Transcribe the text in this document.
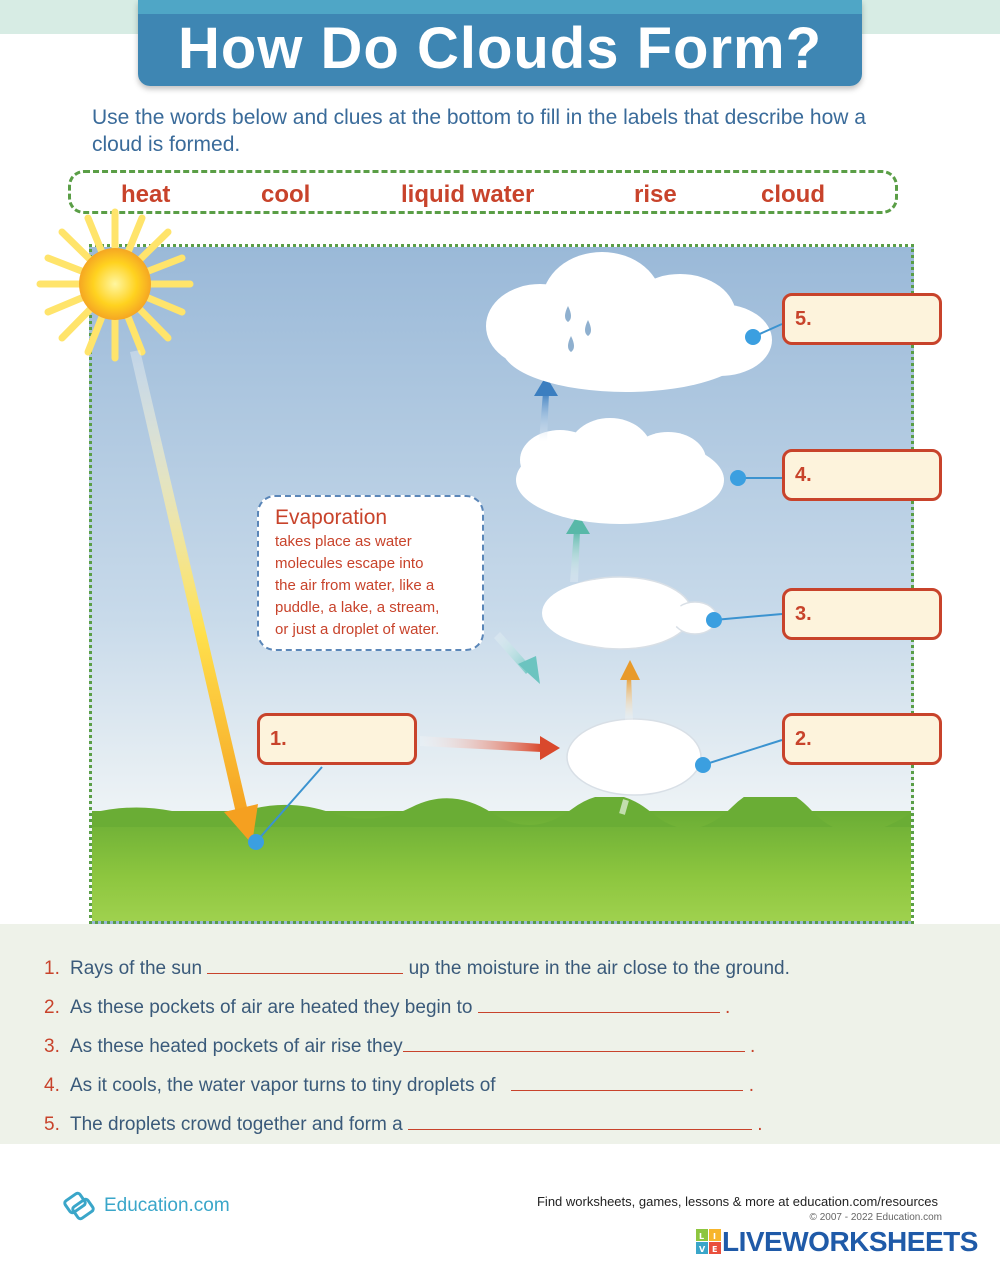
How Do Clouds Form?
Use the words below and clues at the bottom to fill in the labels that describe how a cloud is formed.
heat	cool	liquid water	rise	cloud
1.	2.
3.
4.
5.
Evaporation
takes place as water
molecules escape into
the air from water, like a
puddle, a lake, a stream,
or just a droplet of water.
1. Rays of the sun	up the moisture in the air close to the ground.
2. As these pockets of air are heated they begin to	.
3. As these heated pockets of air rise they	.
4. As it cools, the water vapor turns to tiny droplets of	.
5. The droplets crowd together and form a	.
Education.com	Find worksheets, games, lessons & more at education.com/resources
© 2007 - 2022 Education.com
L I
V E LIVEWORKSHEETS
